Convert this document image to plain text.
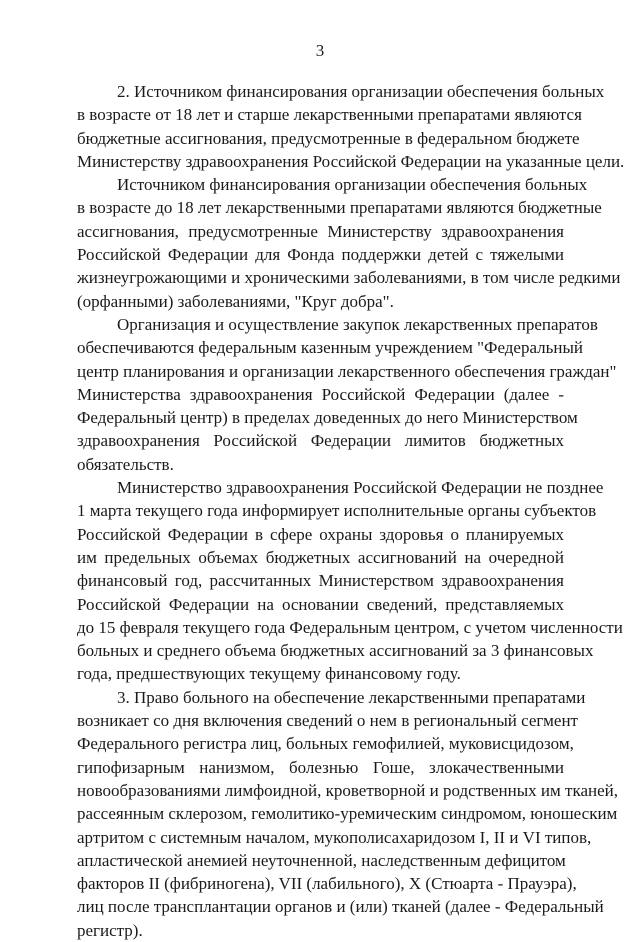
3
2. Источником финансирования организации обеспечения больных
в возрасте от 18 лет и старше лекарственными препаратами являются
бюджетные ассигнования, предусмотренные в федеральном бюджете
Министерству здравоохранения Российской Федерации на указанные цели.
Источником финансирования организации обеспечения больных
в возрасте до 18 лет лекарственными препаратами являются бюджетные
ассигнования, предусмотренные Министерству здравоохранения
Российской Федерации для Фонда поддержки детей с тяжелыми
жизнеугрожающими и хроническими заболеваниями, в том числе редкими
(орфанными) заболеваниями, "Круг добра".
Организация и осуществление закупок лекарственных препаратов
обеспечиваются федеральным казенным учреждением "Федеральный
центр планирования и организации лекарственного обеспечения граждан"
Министерства здравоохранения Российской Федерации (далее -
Федеральный центр) в пределах доведенных до него Министерством
здравоохранения Российской Федерации лимитов бюджетных
обязательств.
Министерство здравоохранения Российской Федерации не позднее
1 марта текущего года информирует исполнительные органы субъектов
Российской Федерации в сфере охраны здоровья о планируемых
им предельных объемах бюджетных ассигнований на очередной
финансовый год, рассчитанных Министерством здравоохранения
Российской Федерации на основании сведений, представляемых
до 15 февраля текущего года Федеральным центром, с учетом численности
больных и среднего объема бюджетных ассигнований за 3 финансовых
года, предшествующих текущему финансовому году.
3. Право больного на обеспечение лекарственными препаратами
возникает со дня включения сведений о нем в региональный сегмент
Федерального регистра лиц, больных гемофилией, муковисцидозом,
гипофизарным нанизмом, болезнью Гоше, злокачественными
новообразованиями лимфоидной, кроветворной и родственных им тканей,
рассеянным склерозом, гемолитико-уремическим синдромом, юношеским
артритом с системным началом, мукополисахаридозом I, II и VI типов,
апластической анемией неуточненной, наследственным дефицитом
факторов II (фибриногена), VII (лабильного), X (Стюарта - Прауэра),
лиц после трансплантации органов и (или) тканей (далее - Федеральный
регистр).
